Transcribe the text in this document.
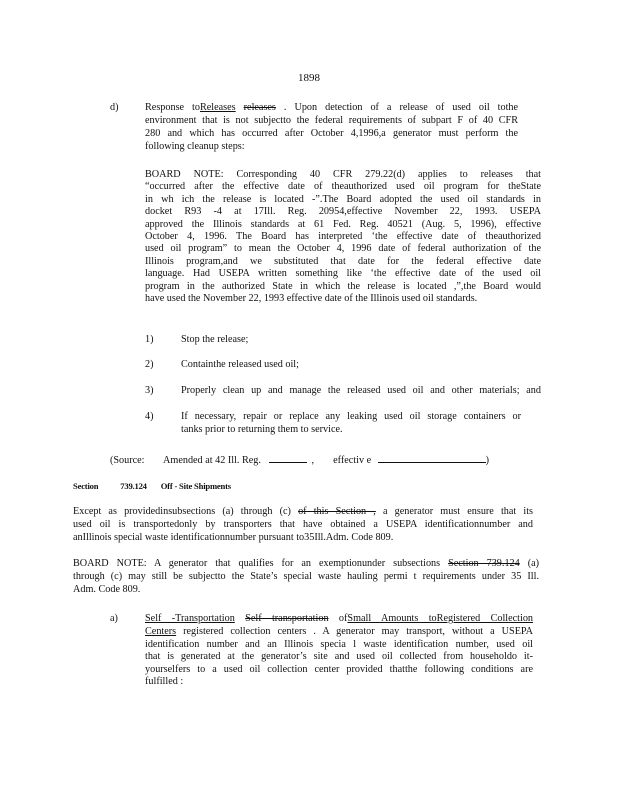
1898
d)	Response toReleases releases . Upon detection of a release of used oil tothe
environment that is not subjectto the federal requirements of subpart F of 40 CFR
280 and which has occurred after October 4,1996,a generator must perform the
following cleanup steps:
BOARD NOTE: Corresponding 40 CFR 279.22(d) applies to releases that
“occurred after the effective date of theauthorized used oil program for theState
in wh ich the release is located -”.The Board adopted the used oil standards in
docket R93 -4 at 17Ill. Reg. 20954,effective November 22, 1993. USEPA
approved the Illinois standards at 61 Fed. Reg. 40521 (Aug. 5, 1996), effective
October 4, 1996. The Board has interpreted ‘the effective date of theauthorized
used oil program” to mean the October 4, 1996 date of federal authorization of the
Illinois program,and we substituted that date for the federal effective date
language. Had USEPA written something like ‘the effective date of the used oil
program in the authorized State in which the release is located ,”,the Board would
have used the November 22, 1993 effective date of the Illinois used oil standards.
1)	Stop the release;
2)	Containthe released used oil;
3)	Properly clean up and manage the released used oil and other materials; and
4)	If necessary, repair or replace any leaking used oil storage containers or
tanks prior to returning them to service.
(Source: Amended at 42 Ill. Reg.	, effectiv e	)
Section	739.124 Off - Site Shipments
Except as providedinsubsections (a) through (c) of this Section , a generator must ensure that its
used oil is transportedonly by transporters that have obtained a USEPA identificationnumber and
anIllinois special waste identificationnumber pursuant to35Ill.Adm. Code 809.
BOARD NOTE: A generator that qualifies for an exemptionunder subsections Section 739.124 (a)
through (c) may still be subjectto the State’s special waste hauling permi t requirements under 35 Ill.
Adm. Code 809.
a)	Self -Transportation Self transportation ofSmall Amounts toRegistered Collection
Centers registered collection centers . A generator may transport, without a USEPA
identification number and an Illinois specia l waste identification number, used oil
that is generated at the generator’s site and used oil collected from householdo it-
yourselfers to a used oil collection center provided thatthe following conditions are
fulfilled :
